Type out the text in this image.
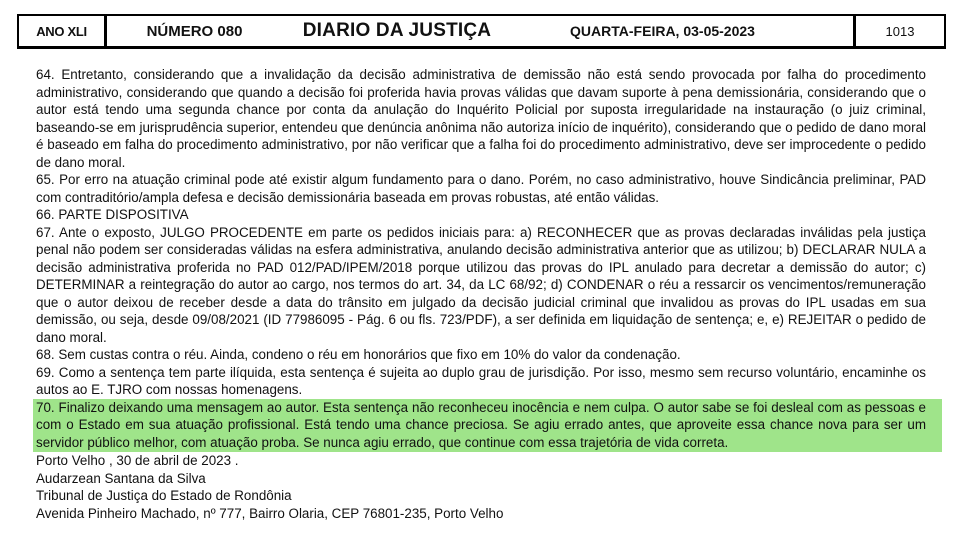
ANO XLI	NÚMERO 080	DIARIO DA JUSTIÇA	QUARTA-FEIRA, 03-05-2023	1013

64. Entretanto, considerando que a invalidação da decisão administrativa de demissão não está sendo provocada por falha do procedimento administrativo, considerando que quando a decisão foi proferida havia provas válidas que davam suporte à pena demissionária, considerando que o autor está tendo uma segunda chance por conta da anulação do Inquérito Policial por suposta irregularidade na instauração (o juiz criminal, baseando-se em jurisprudência superior, entendeu que denúncia anônima não autoriza início de inquérito), considerando que o pedido de dano moral é baseado em falha do procedimento administrativo, por não verificar que a falha foi do procedimento administrativo, deve ser improcedente o pedido de dano moral.

65. Por erro na atuação criminal pode até existir algum fundamento para o dano. Porém, no caso administrativo, houve Sindicância preliminar, PAD com contraditório/ampla defesa e decisão demissionária baseada em provas robustas, até então válidas.

66. PARTE DISPOSITIVA

67. Ante o exposto, JULGO PROCEDENTE em parte os pedidos iniciais para: a) RECONHECER que as provas declaradas inválidas pela justiça penal não podem ser consideradas válidas na esfera administrativa, anulando decisão administrativa anterior que as utilizou; b) DECLARAR NULA a decisão administrativa proferida no PAD 012/PAD/IPEM/2018 porque utilizou das provas do IPL anulado para decretar a demissão do autor; c) DETERMINAR a reintegração do autor ao cargo, nos termos do art. 34, da LC 68/92; d) CONDENAR o réu a ressarcir os vencimentos/remuneração que o autor deixou de receber desde a data do trânsito em julgado da decisão judicial criminal que invalidou as provas do IPL usadas em sua demissão, ou seja, desde 09/08/2021 (ID 77986095 - Pág. 6 ou fls. 723/PDF), a ser definida em liquidação de sentença; e, e) REJEITAR o pedido de dano moral.

68. Sem custas contra o réu. Ainda, condeno o réu em honorários que fixo em 10% do valor da condenação.

69. Como a sentença tem parte ilíquida, esta sentença é sujeita ao duplo grau de jurisdição. Por isso, mesmo sem recurso voluntário, encaminhe os autos ao E. TJRO com nossas homenagens.

70. Finalizo deixando uma mensagem ao autor. Esta sentença não reconheceu inocência e nem culpa. O autor sabe se foi desleal com as pessoas e com o Estado em sua atuação profissional. Está tendo uma chance preciosa. Se agiu errado antes, que aproveite essa chance nova para ser um servidor público melhor, com atuação proba. Se nunca agiu errado, que continue com essa trajetória de vida correta.

Porto Velho , 30 de abril de 2023 .

Audarzean Santana da Silva

Tribunal de Justiça do Estado de Rondônia

Avenida Pinheiro Machado, nº 777, Bairro Olaria, CEP 76801-235, Porto Velho
